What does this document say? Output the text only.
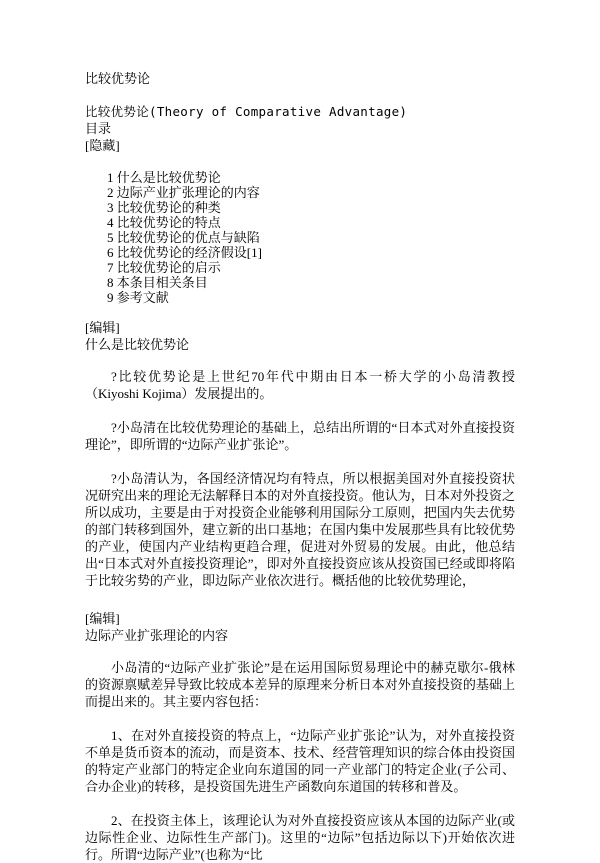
比较优势论

比较优势论(Theory of Comparative Advantage)

目录
[隐藏]
1 什么是比较优势论
2 边际产业扩张理论的内容
3 比较优势论的种类
4 比较优势论的特点
5 比较优势论的优点与缺陷
6 比较优势论的经济假设[1]
7 比较优势论的启示
8 本条目相关条目
9 参考文献
[编辑]
什么是比较优势论

?比较优势论是上世纪70年代中期由日本一桥大学的小岛清教授（Kiyoshi Kojima）发展提出的。

?小岛清在比较优势理论的基础上，总结出所谓的“日本式对外直接投资理论”，即所谓的“边际产业扩张论”。

?小岛清认为，各国经济情况均有特点，所以根据美国对外直接投资状况研究出来的理论无法解释日本的对外直接投资。他认为，日本对外投资之所以成功，主要是由于对投资企业能够利用国际分工原则，把国内失去优势的部门转移到国外，建立新的出口基地；在国内集中发展那些具有比较优势的产业，使国内产业结构更趋合理，促进对外贸易的发展。由此，他总结出“日本式对外直接投资理论”，即对外直接投资应该从投资国已经或即将陷于比较劣势的产业，即边际产业依次进行。概括他的比较优势理论，

[编辑]
边际产业扩张理论的内容

小岛清的“边际产业扩张论”是在运用国际贸易理论中的赫克歇尔-俄林的资源禀赋差异导致比较成本差异的原理来分析日本对外直接投资的基础上而提出来的。其主要内容包括：

1、在对外直接投资的特点上，“边际产业扩张论”认为，对外直接投资不单是货币资本的流动，而是资本、技术、经营管理知识的综合体由投资国的特定产业部门的特定企业向东道国的同一产业部门的特定企业(子公司、合办企业)的转移，是投资国先进生产函数向东道国的转移和普及。

2、在投资主体上，该理论认为对外直接投资应该从本国的边际产业(或边际性企业、边际性生产部门)。这里的“边际”包括边际以下)开始依次进行。所谓“边际产业”(也称为“比
